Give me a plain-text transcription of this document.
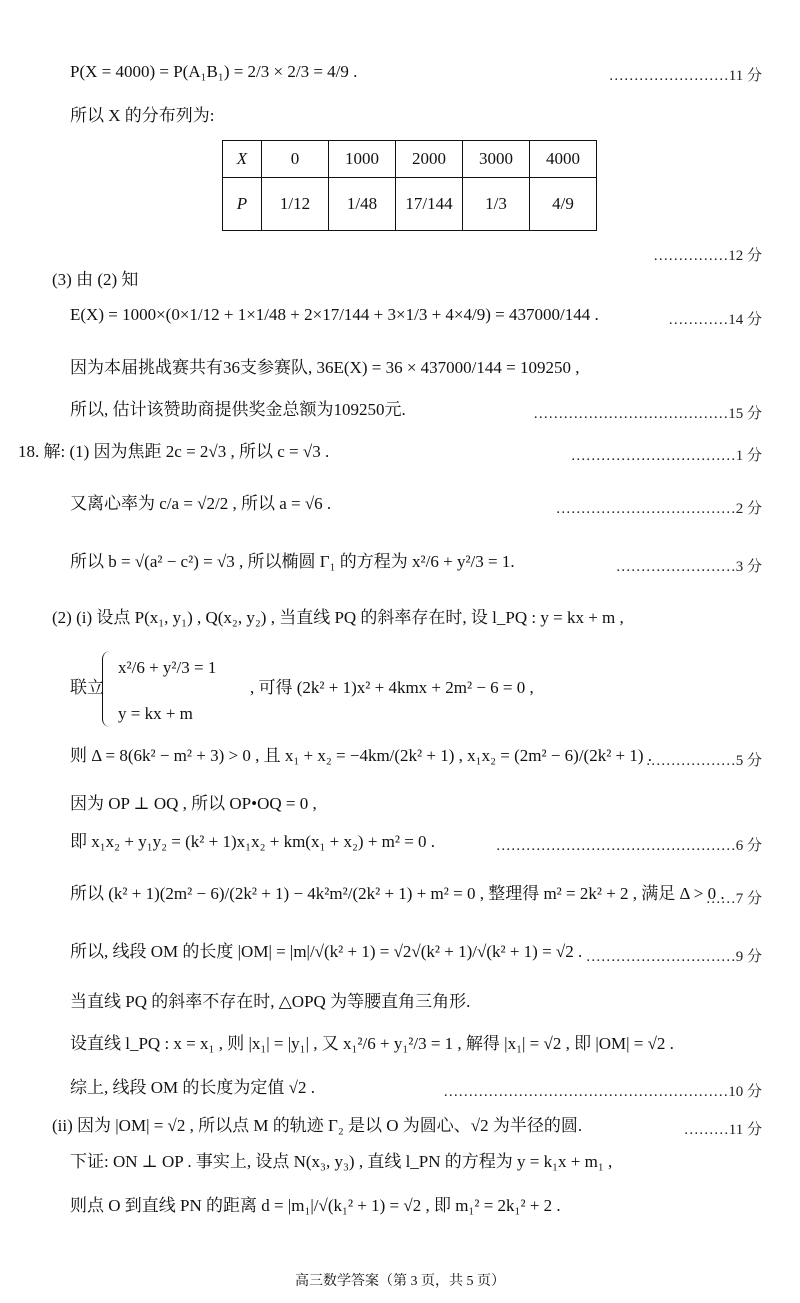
P(X = 4000) = P(A₁B₁) = 2/3 × 2/3 = 4/9 .	……………………11 分
所以 X 的分布列为:
X	0	1000	2000	3000	4000
P	1/12	1/48	17/144	1/3	4/9
……………12 分
(3) 由 (2) 知
E(X) = 1000×(0×1/12 + 1×1/48 + 2×17/144 + 3×1/3 + 4×4/9) = 437000/144 .	…………14 分
因为本届挑战赛共有36支参赛队, 36E(X) = 36 × 437000/144 = 109250 ,
所以, 估计该赞助商提供奖金总额为109250元.	…………………………………15 分
18. 解: (1) 因为焦距 2c = 2√3 , 所以 c = √3 .	……………………………1 分
又离心率为 c/a = √2/2 , 所以 a = √6 .	………………………………2 分
所以 b = √(a² − c²) = √3 , 所以椭圆 Γ₁ 的方程为 x²/6 + y²/3 = 1.	……………………3 分
(2) (i) 设点 P(x₁, y₁) , Q(x₂, y₂) , 当直线 PQ 的斜率存在时, 设 l_PQ : y = kx + m ,
联立
x²/6 + y²/3 = 1
y = kx + m
, 可得 (2k² + 1)x² + 4kmx + 2m² − 6 = 0 ,
则 Δ = 8(6k² − m² + 3) > 0 , 且 x₁ + x₂ = −4km/(2k² + 1) , x₁x₂ = (2m² − 6)/(2k² + 1) .
………………5 分
因为 OP ⊥ OQ , 所以 OP•OQ = 0 ,
即 x₁x₂ + y₁y₂ = (k² + 1)x₁x₂ + km(x₁ + x₂) + m² = 0 .	…………………………………………6 分
所以 (k² + 1)(2m² − 6)/(2k² + 1) − 4k²m²/(2k² + 1) + m² = 0 , 整理得 m² = 2k² + 2 , 满足 Δ > 0 .
……7 分
所以, 线段 OM 的长度 |OM| = |m|/√(k² + 1) = √2√(k² + 1)/√(k² + 1) = √2 . …………………………9 分
当直线 PQ 的斜率不存在时, △OPQ 为等腰直角三角形.
设直线 l_PQ : x = x₁ , 则 |x₁| = |y₁| , 又 x₁²/6 + y₁²/3 = 1 , 解得 |x₁| = √2 , 即 |OM| = √2 .
综上, 线段 OM 的长度为定值 √2 .	…………………………………………………10 分
(ii) 因为 |OM| = √2 , 所以点 M 的轨迹 Γ₂ 是以 O 为圆心、√2 为半径的圆.	………11 分
下证: ON ⊥ OP . 事实上, 设点 N(x₃, y₃) , 直线 l_PN 的方程为 y = k₁x + m₁ ,
则点 O 到直线 PN 的距离 d = |m₁|/√(k₁² + 1) = √2 , 即 m₁² = 2k₁² + 2 .
高三数学答案（第 3 页，共 5 页）
